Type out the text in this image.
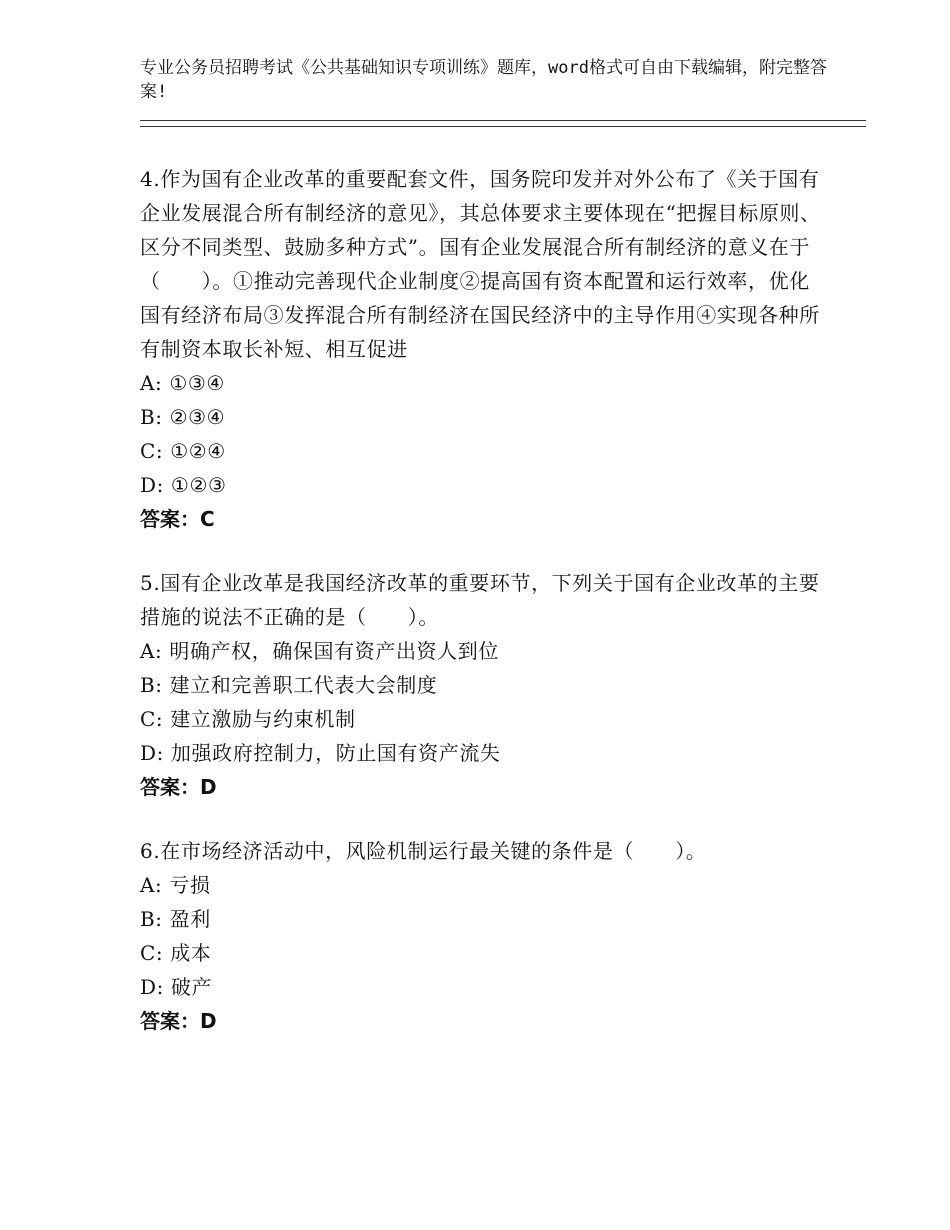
专业公务员招聘考试《公共基础知识专项训练》题库，word格式可自由下载编辑，附完整答案!
4.作为国有企业改革的重要配套文件，国务院印发并对外公布了《关于国有企业发展混合所有制经济的意见》，其总体要求主要体现在“把握目标原则、区分不同类型、鼓励多种方式”。国有企业发展混合所有制经济的意义在于（　　）。①推动完善现代企业制度②提高国有资本配置和运行效率，优化国有经济布局③发挥混合所有制经济在国民经济中的主导作用④实现各种所有制资本取长补短、相互促进
A: ①③④
B: ②③④
C: ①②④
D: ①②③
答案：C
5.国有企业改革是我国经济改革的重要环节，下列关于国有企业改革的主要措施的说法不正确的是（　　）。
A: 明确产权，确保国有资产出资人到位
B: 建立和完善职工代表大会制度
C: 建立激励与约束机制
D: 加强政府控制力，防止国有资产流失
答案：D
6.在市场经济活动中，风险机制运行最关键的条件是（　　）。
A: 亏损
B: 盈利
C: 成本
D: 破产
答案：D
